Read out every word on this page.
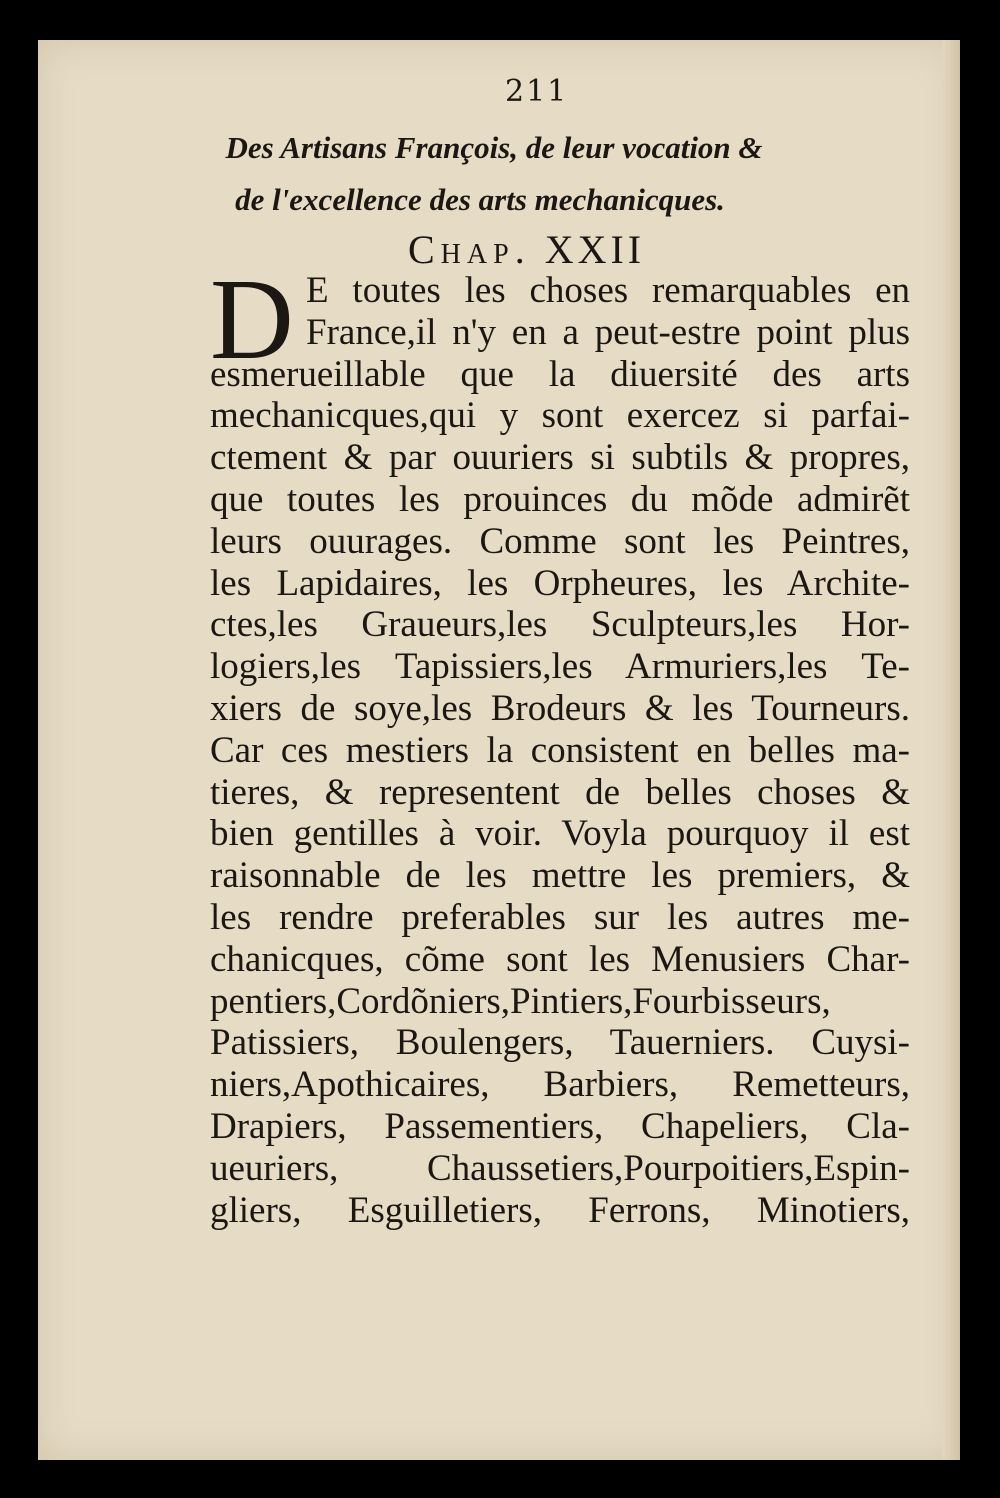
211
Des Artisans François, de leur vocation &
de l'excellence des arts mechanicques.
Chap. XXII
D E toutes les choses remarquables en
France,il n'y en a peut-estre point plus
esmerueillable que la diuersité des arts
mechanicques,qui y sont exercez si parfai-
ctement & par ouuriers si subtils & propres,
que toutes les prouinces du mõde admirẽt
leurs ouurages. Comme sont les Peintres,
les Lapidaires, les Orpheures, les Archite-
ctes,les Graueurs,les Sculpteurs,les Hor-
logiers,les Tapissiers,les Armuriers,les Te-
xiers de soye,les Brodeurs & les Tourneurs.
Car ces mestiers la consistent en belles ma-
tieres, & representent de belles choses &
bien gentilles à voir. Voyla pourquoy il est
raisonnable de les mettre les premiers, &
les rendre preferables sur les autres me-
chanicques, cõme sont les Menusiers Char-
pentiers,Cordõniers,Pintiers,Fourbisseurs,
Patissiers, Boulengers, Tauerniers. Cuysi-
niers,Apothicaires, Barbiers, Remetteurs,
Drapiers, Passementiers, Chapeliers, Cla-
ueuriers, Chaussetiers,Pourpoitiers,Espin-
gliers, Esguilletiers, Ferrons, Minotiers,
